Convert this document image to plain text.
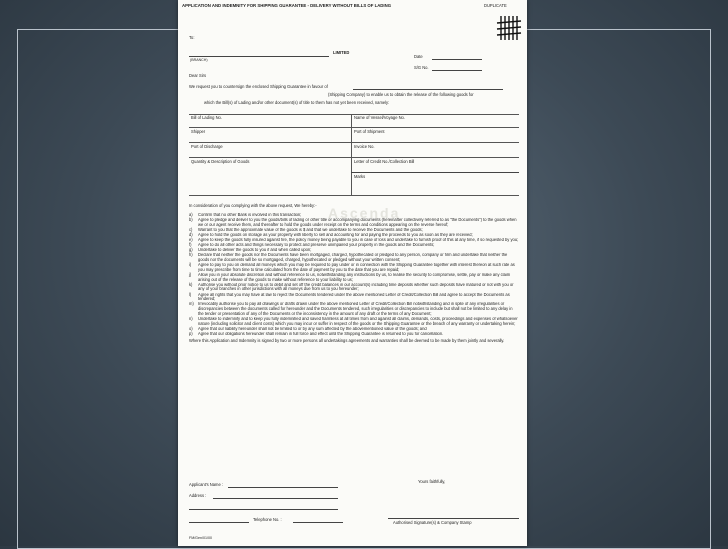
Ascenda
APPLICATION AND INDEMNITY FOR SHIPPING GUARANTEE - DELIVERY WITHOUT BILLS OF LADING	DUPLICATE
To:
LIMITED
(BRANCH)
Date
S/G No.
Dear Sirs
We request you to countersign the enclosed Shipping Guarantee in favour of
(Shipping Company) to enable us to obtain the release of the following goods for
which the Bill(s) of Lading and/or other document(s) of title to them has not yet been received, namely:
Bill of Lading No.	Name of Vessel/Voyage No.
Shipper	Port of Shipment
Port of Discharge	Invoice No.
Quantity & Description of Goods	Letter of Credit No./Collection Bill
Marks
In consideration of you complying with the above request, We hereby:-
a)	Confirm that no other Bank is involved in this transaction;
b)	Agree to pledge and deliver to you the goods/bills of lading or other title or accompanying documents (hereinafter collectively referred to as "the Documents") to the goods when we or our agent receive them, and thereafter to hold the goods under receipt on the terms and conditions appearing on the reverse hereof;
c)	Warrant to you that the approximate value of the goods is $ and that we undertake to receive the Documents and the goods;
d)	Agree to hold the goods on storage as your property with liberty to sell and accounting for and paying the proceeds to you as soon as they are received;
e)	Agree to keep the goods fully insured against fire, the policy money being payable to you in case of loss and undertake to furnish proof of this at any time, if so requested by you;
f)	Agree to do all other acts and things necessary to protect and preserve unimpaired your property in the goods and the Documents;
g)	Undertake to deliver the goods to you if and when called upon;
h)	Declare that neither the goods nor the Documents have been mortgaged, charged, hypothecated or pledged to any person, company or firm and undertake that neither the goods nor the documents will be so mortgaged, charged, hypothecated or pledged without your written consent;
i)	Agree to pay to you on demand all moneys which you may be required to pay under or in connection with the Shipping Guarantee together with interest thereon at such rate as you may prescribe from time to time calculated from the date of payment by you to the date that you are repaid;
j)	Allow you in your absolute discretion and without reference to us, notwithstanding any instructions by us, to realise the security to compromise, settle, pay or make any claim arising out of the release of the goods to make without reference to your liability to us;
k)	Authorise you without prior notice to us to debit and set off the credit balances in our account(s) including time deposits whether such deposits have matured or not with you or any of your branches in other jurisdictions with all moneys due from us to you hereunder;
l)	Agree all rights that you may have at law to reject the Documents tendered under the above mentioned Letter of Credit/Collection Bill and agree to accept the Documents as tendered;
m)	Irrevocably authorise you to pay all drawings or drafts drawn under the above mentioned Letter of Credit/Collection Bill notwithstanding and in spite of any irregularities or discrepancies between the documents called for hereunder and the Documents tendered, such irregularities or discrepancies to include but shall not be limited to any delay in the tender or presentation of any of the Documents or the inconsistency in the amount of any draft or the terms of any Document;
n)	Undertake to indemnify and to keep you fully indemnified and saved harmless at all times from and against all claims, demands, costs, proceedings and expenses of whatsoever nature (including solicitor and client costs) which you may incur or suffer in respect of the goods or the Shipping Guarantee or the breach of any warranty or undertaking herein;
o)	Agree that our liability hereunder shall not be limited to or by any sum affected by the abovementioned value of the goods; and
p)	Agree that our obligations hereunder shall remain in full force and effect until the Shipping Guarantee is returned to you for cancellation.
Where this Application and Indemnity is signed by two or more persons all undertakings agreements and warranties shall be deemed to be made by them jointly and severally.
Yours faithfully,
Applicant's Name :
Address :
Telephone No. :
Authorised Signature(s) & Company Stamp
FM/Gen/01/00
